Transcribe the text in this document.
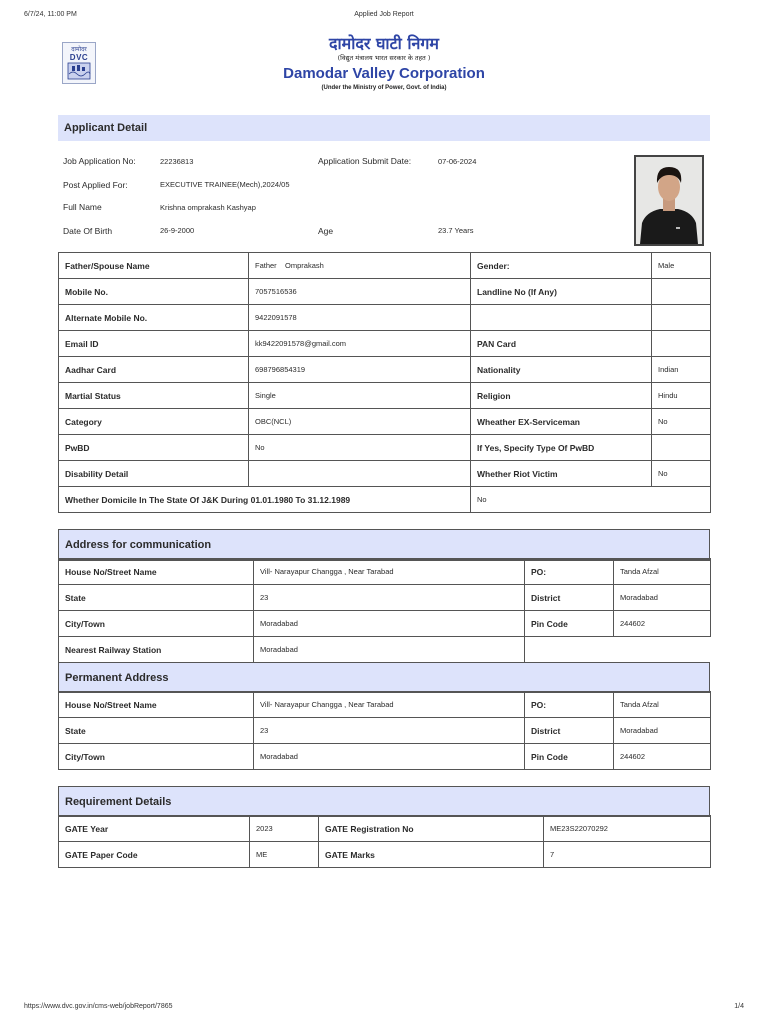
6/7/24, 11:00 PM	Applied Job Report
दामोदर
DVC
दामोदर घाटी निगम
(विद्युत मंत्रालय भारत सरकार के तहत )
Damodar Valley Corporation
(Under the Ministry of Power, Govt. of India)
Applicant Detail
Job Application No:	22236813	Application Submit Date:	07-06-2024
Post Applied For:	EXECUTIVE TRAINEE(Mech),2024/05
Full Name	Krishna omprakash Kashyap
Date Of Birth	26-9-2000	Age	23.7 Years
Father/Spouse Name	Father Omprakash	Gender:	Male
Mobile No.	7057516536	Landline No (If Any)	
Alternate Mobile No.	9422091578		
Email ID	kk9422091578@gmail.com	PAN Card	
Aadhar Card	698796854319	Nationality	Indian
Martial Status	Single	Religion	Hindu
Category	OBC(NCL)	Wheather EX-Serviceman	No
PwBD	No	If Yes, Specify Type Of PwBD	
Disability Detail		Whether Riot Victim	No
Whether Domicile In The State Of J&K During 01.01.1980 To 31.12.1989		No	
Address for communication
House No/Street Name	Vill- Narayapur Changga , Near Tarabad	PO:	Tanda Afzal
State	23	District	Moradabad
City/Town	Moradabad	Pin Code	244602
Nearest Railway Station	Moradabad		
Permanent Address
House No/Street Name	Vill- Narayapur Changga , Near Tarabad	PO:	Tanda Afzal
State	23	District	Moradabad
City/Town	Moradabad	Pin Code	244602
Requirement Details
GATE Year	2023	GATE Registration No	ME23S22070292
GATE Paper Code	ME	GATE Marks	7
https://www.dvc.gov.in/cms-web/jobReport/7865	1/4
